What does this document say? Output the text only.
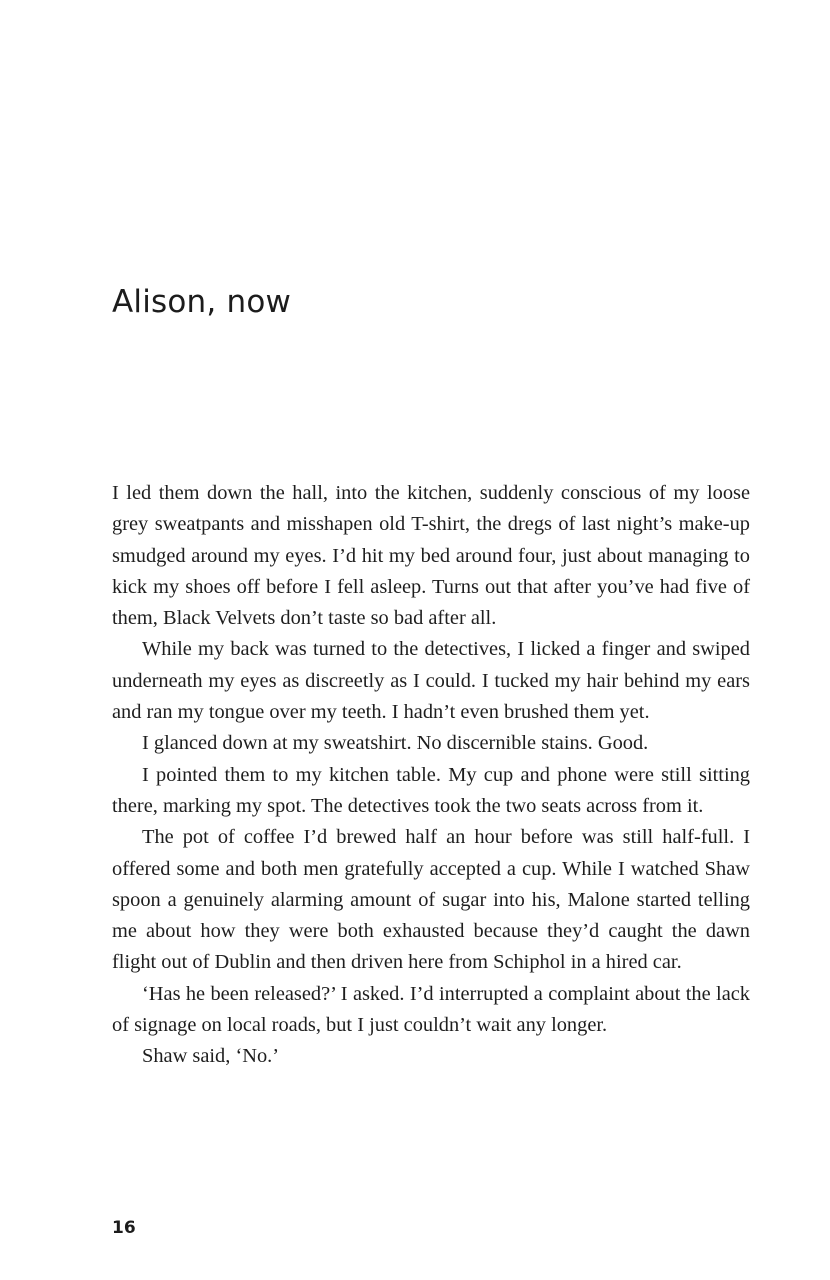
Alison, now

I led them down the hall, into the kitchen, suddenly conscious of my loose grey sweatpants and misshapen old T-shirt, the dregs of last night’s make-up smudged around my eyes. I’d hit my bed around four, just about managing to kick my shoes off before I fell asleep. Turns out that after you’ve had five of them, Black Velvets don’t taste so bad after all.

While my back was turned to the detectives, I licked a finger and swiped underneath my eyes as discreetly as I could. I tucked my hair behind my ears and ran my tongue over my teeth. I hadn’t even brushed them yet.

I glanced down at my sweatshirt. No discernible stains. Good.

I pointed them to my kitchen table. My cup and phone were still sitting there, marking my spot. The detectives took the two seats across from it.

The pot of coffee I’d brewed half an hour before was still half-full. I offered some and both men gratefully accepted a cup. While I watched Shaw spoon a genuinely alarming amount of sugar into his, Malone started telling me about how they were both exhausted because they’d caught the dawn flight out of Dublin and then driven here from Schiphol in a hired car.

‘Has he been released?’ I asked. I’d interrupted a complaint about the lack of signage on local roads, but I just couldn’t wait any longer.

Shaw said, ‘No.’

16
